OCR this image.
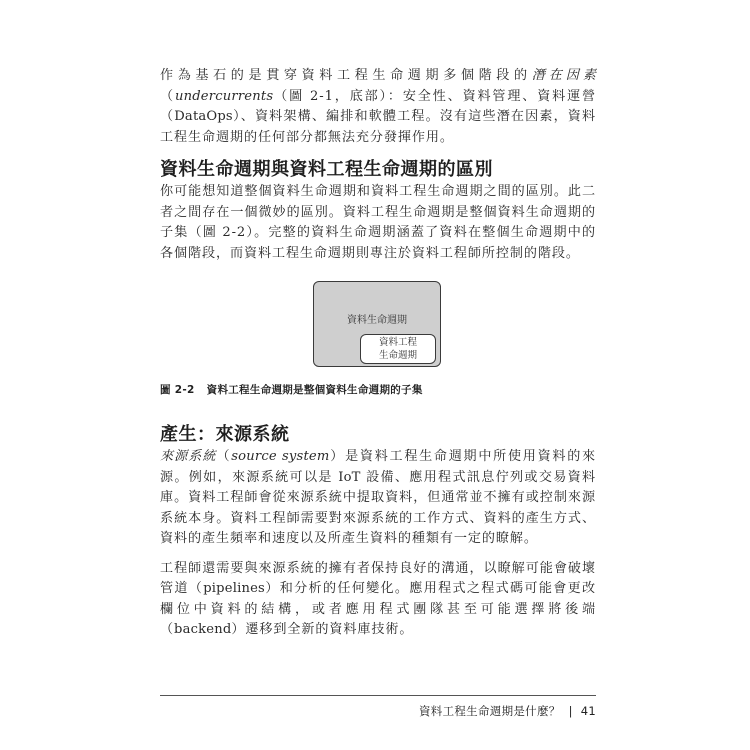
作為基石的是貫穿資料工程生命週期多個階段的潛在因素（undercurrents（圖 2-1，底部）：安全性、資料管理、資料運營（DataOps）、資料架構、編排和軟體工程。沒有這些潛在因素，資料工程生命週期的任何部分都無法充分發揮作用。

資料生命週期與資料工程生命週期的區別

你可能想知道整個資料生命週期和資料工程生命週期之間的區別。此二者之間存在一個微妙的區別。資料工程生命週期是整個資料生命週期的子集（圖 2-2）。完整的資料生命週期涵蓋了資料在整個生命週期中的各個階段，而資料工程生命週期則專注於資料工程師所控制的階段。

資料生命週期
資料工程
生命週期
圖 2-2 資料工程生命週期是整個資料生命週期的子集
產生：來源系統

來源系統（source system）是資料工程生命週期中所使用資料的來源。例如，來源系統可以是 IoT 設備、應用程式訊息佇列或交易資料庫。資料工程師會從來源系統中提取資料，但通常並不擁有或控制來源系統本身。資料工程師需要對來源系統的工作方式、資料的產生方式、資料的產生頻率和速度以及所產生資料的種類有一定的瞭解。

工程師還需要與來源系統的擁有者保持良好的溝通，以瞭解可能會破壞管道（pipelines）和分析的任何變化。應用程式之程式碼可能會更改欄位中資料的結構，或者應用程式團隊甚至可能選擇將後端（backend）遷移到全新的資料庫技術。

資料工程生命週期是什麼？ | 41
